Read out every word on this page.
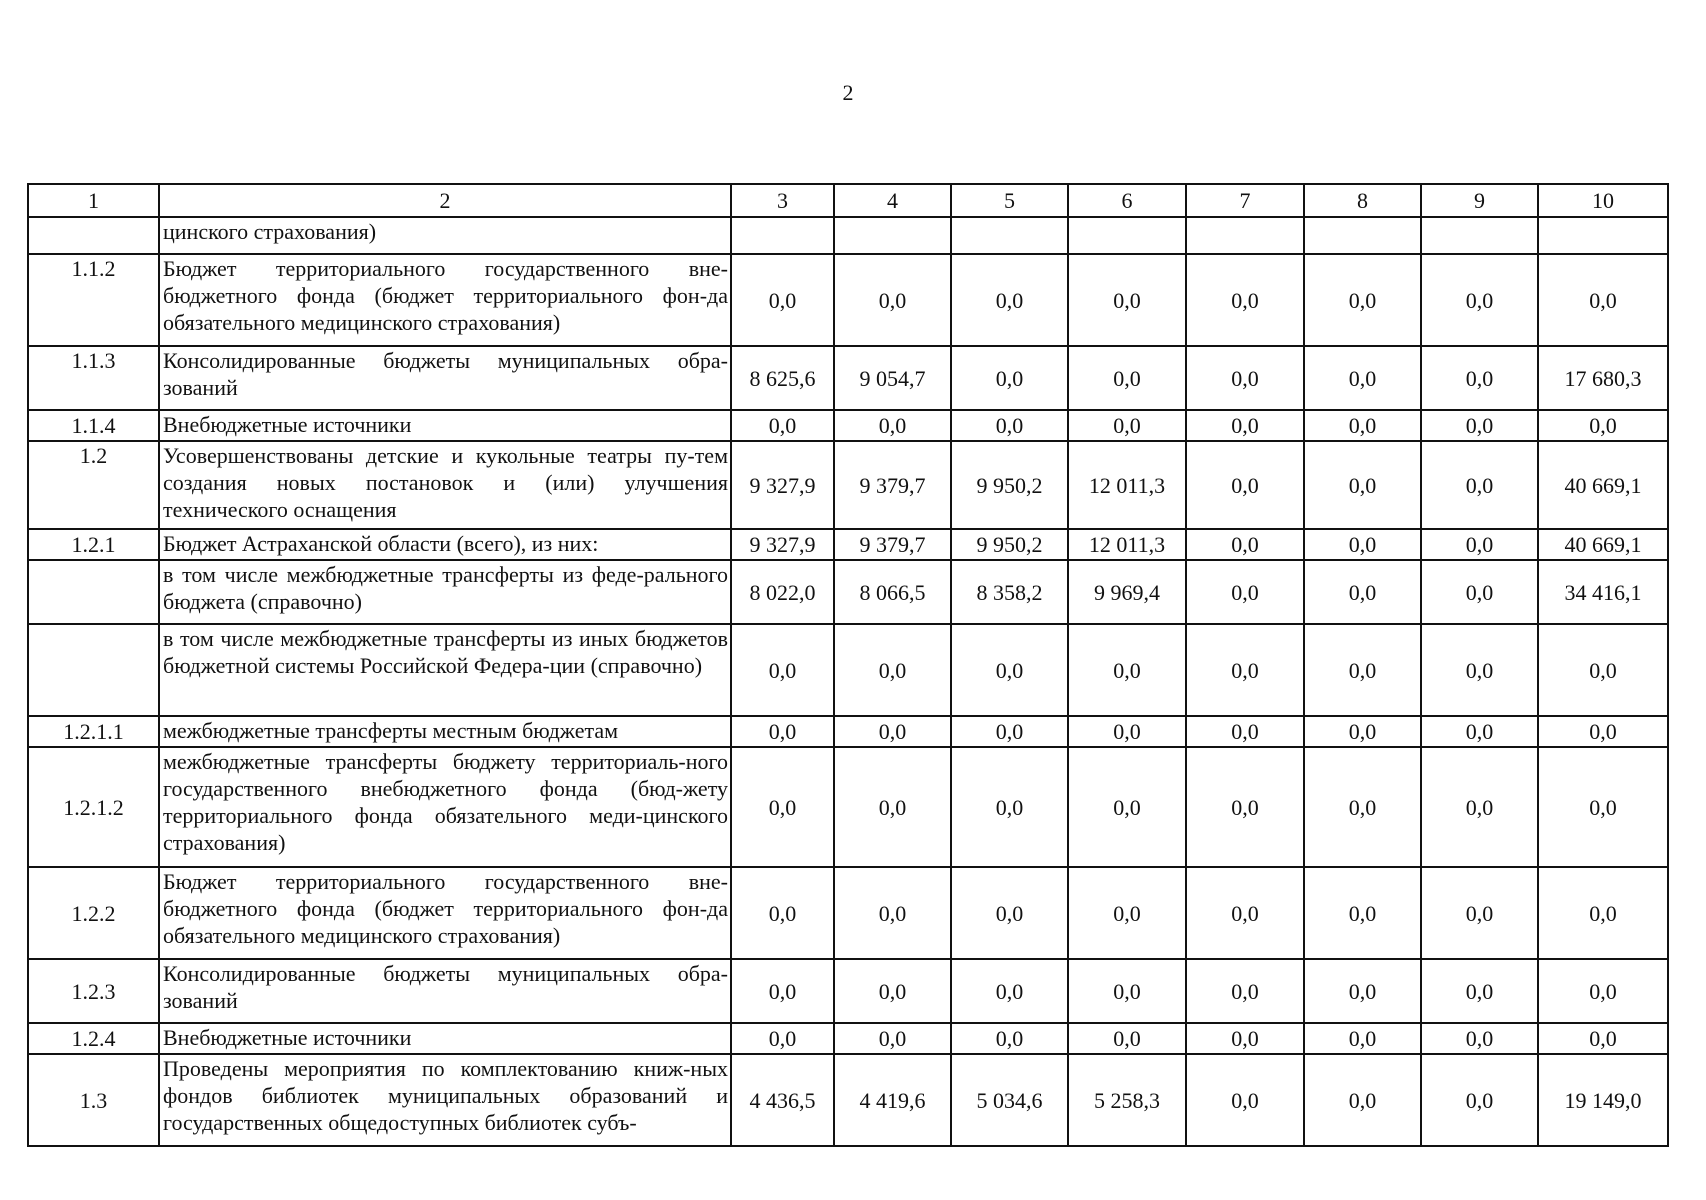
2
1	2	3	4	5	6	7	8	9	10
	цинского страхования)								
1.1.2	Бюджет территориального государственного вне-бюджетного фонда (бюджет территориального фон-да обязательного медицинского страхования)	0,0	0,0	0,0	0,0	0,0	0,0	0,0	0,0
1.1.3	Консолидированные бюджеты муниципальных обра-зований	8 625,6	9 054,7	0,0	0,0	0,0	0,0	0,0	17 680,3
1.1.4	Внебюджетные источники	0,0	0,0	0,0	0,0	0,0	0,0	0,0	0,0
1.2	Усовершенствованы детские и кукольные театры пу-тем создания новых постановок и (или) улучшения технического оснащения	9 327,9	9 379,7	9 950,2	12 011,3	0,0	0,0	0,0	40 669,1
1.2.1	Бюджет Астраханской области (всего), из них:	9 327,9	9 379,7	9 950,2	12 011,3	0,0	0,0	0,0	40 669,1
	в том числе межбюджетные трансферты из феде-рального бюджета (справочно)	8 022,0	8 066,5	8 358,2	9 969,4	0,0	0,0	0,0	34 416,1
	в том числе межбюджетные трансферты из иных бюджетов бюджетной системы Российской Федера-ции (справочно)	0,0	0,0	0,0	0,0	0,0	0,0	0,0	0,0
1.2.1.1	межбюджетные трансферты местным бюджетам	0,0	0,0	0,0	0,0	0,0	0,0	0,0	0,0
1.2.1.2	межбюджетные трансферты бюджету территориаль-ного государственного внебюджетного фонда (бюд-жету территориального фонда обязательного меди-цинского страхования)	0,0	0,0	0,0	0,0	0,0	0,0	0,0	0,0
1.2.2	Бюджет территориального государственного вне-бюджетного фонда (бюджет территориального фон-да обязательного медицинского страхования)	0,0	0,0	0,0	0,0	0,0	0,0	0,0	0,0
1.2.3	Консолидированные бюджеты муниципальных обра-зований	0,0	0,0	0,0	0,0	0,0	0,0	0,0	0,0
1.2.4	Внебюджетные источники	0,0	0,0	0,0	0,0	0,0	0,0	0,0	0,0
1.3	Проведены мероприятия по комплектованию книж-ных фондов библиотек муниципальных образований и государственных общедоступных библиотек субъ-	4 436,5	4 419,6	5 034,6	5 258,3	0,0	0,0	0,0	19 149,0
